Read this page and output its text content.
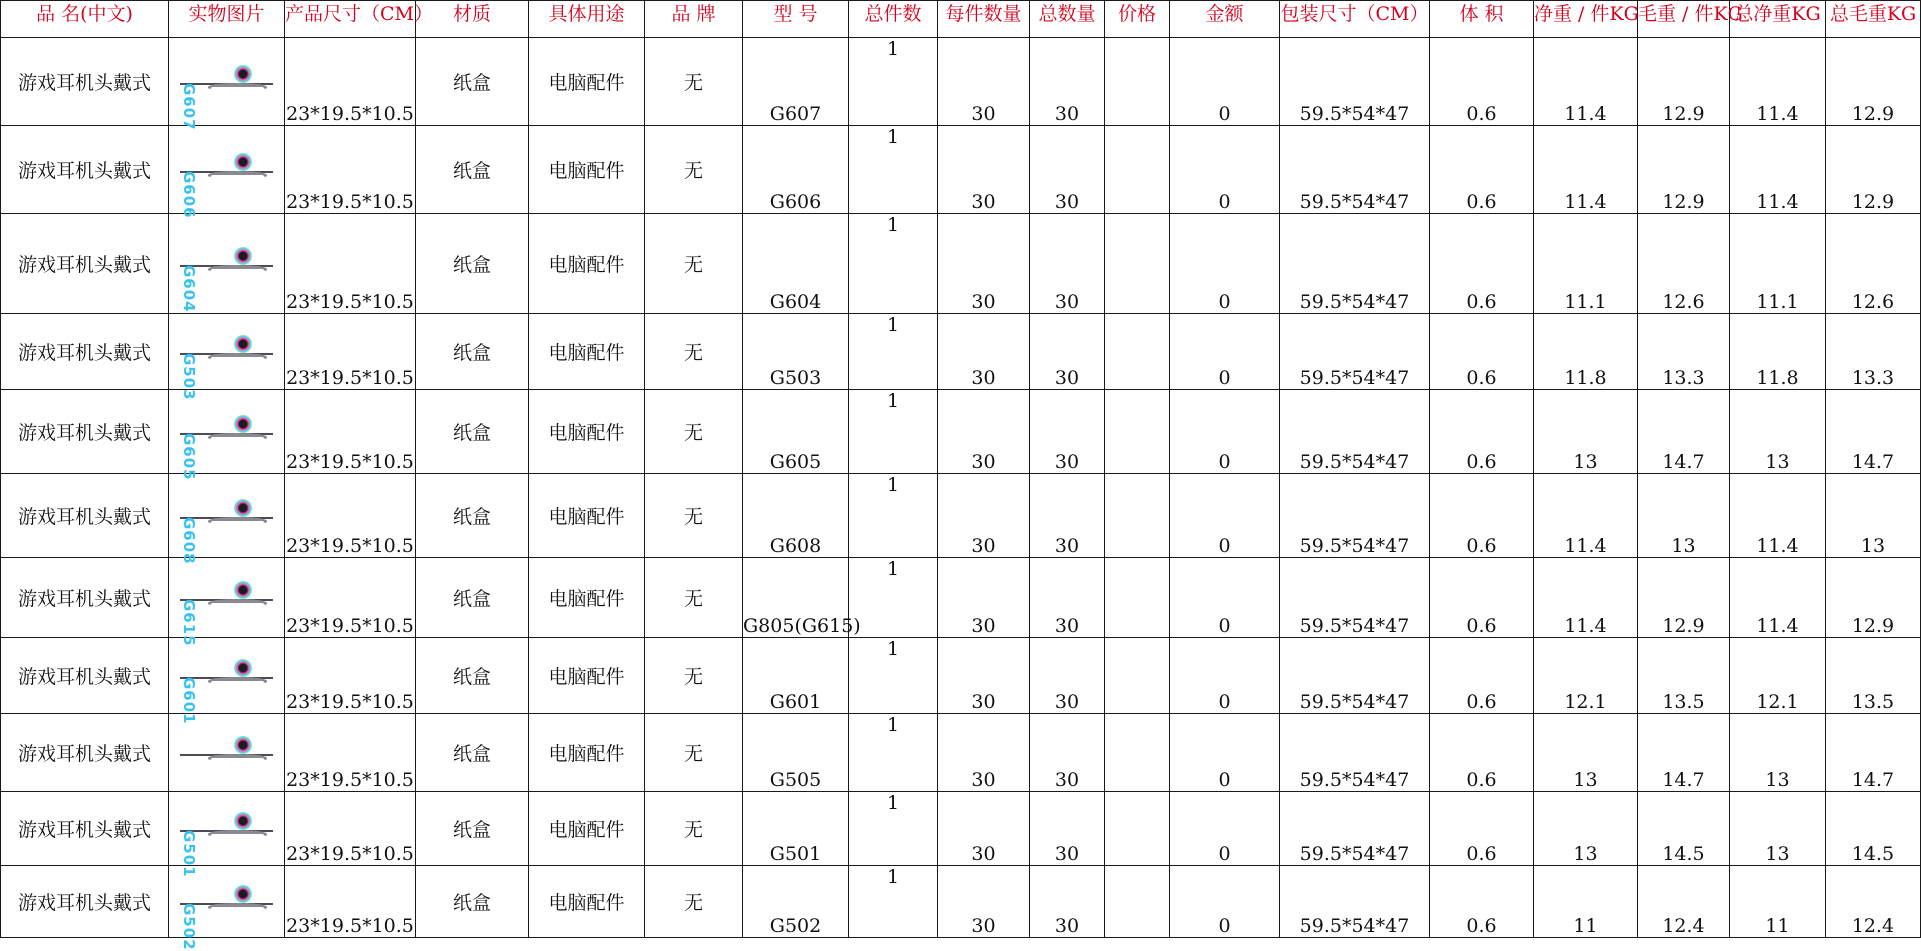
品 名(中文)	实物图片	产品尺寸（CM）	材质	具体用途	品 牌	型 号	总件数	每件数量	总数量	价格	金额	包装尺寸（CM）	体 积	净重 / 件KG	毛重 / 件KG	总净重KG	总毛重KG
游戏耳机头戴式	G607	23*19.5*10.5	纸盒	电脑配件	无	G607	1	30	30		0	59.5*54*47	0.6	11.4	12.9	11.4	12.9
游戏耳机头戴式	G606	23*19.5*10.5	纸盒	电脑配件	无	G606	1	30	30		0	59.5*54*47	0.6	11.4	12.9	11.4	12.9
游戏耳机头戴式	G604	23*19.5*10.5	纸盒	电脑配件	无	G604	1	30	30		0	59.5*54*47	0.6	11.1	12.6	11.1	12.6
游戏耳机头戴式	G503	23*19.5*10.5	纸盒	电脑配件	无	G503	1	30	30		0	59.5*54*47	0.6	11.8	13.3	11.8	13.3
游戏耳机头戴式	G605	23*19.5*10.5	纸盒	电脑配件	无	G605	1	30	30		0	59.5*54*47	0.6	13	14.7	13	14.7
游戏耳机头戴式	G608	23*19.5*10.5	纸盒	电脑配件	无	G608	1	30	30		0	59.5*54*47	0.6	11.4	13	11.4	13
游戏耳机头戴式	G615	23*19.5*10.5	纸盒	电脑配件	无	G805(G615)	1	30	30		0	59.5*54*47	0.6	11.4	12.9	11.4	12.9
游戏耳机头戴式	G601	23*19.5*10.5	纸盒	电脑配件	无	G601	1	30	30		0	59.5*54*47	0.6	12.1	13.5	12.1	13.5
游戏耳机头戴式		23*19.5*10.5	纸盒	电脑配件	无	G505	1	30	30		0	59.5*54*47	0.6	13	14.7	13	14.7
游戏耳机头戴式	G501	23*19.5*10.5	纸盒	电脑配件	无	G501	1	30	30		0	59.5*54*47	0.6	13	14.5	13	14.5
游戏耳机头戴式	G502	23*19.5*10.5	纸盒	电脑配件	无	G502	1	30	30		0	59.5*54*47	0.6	11	12.4	11	12.4
